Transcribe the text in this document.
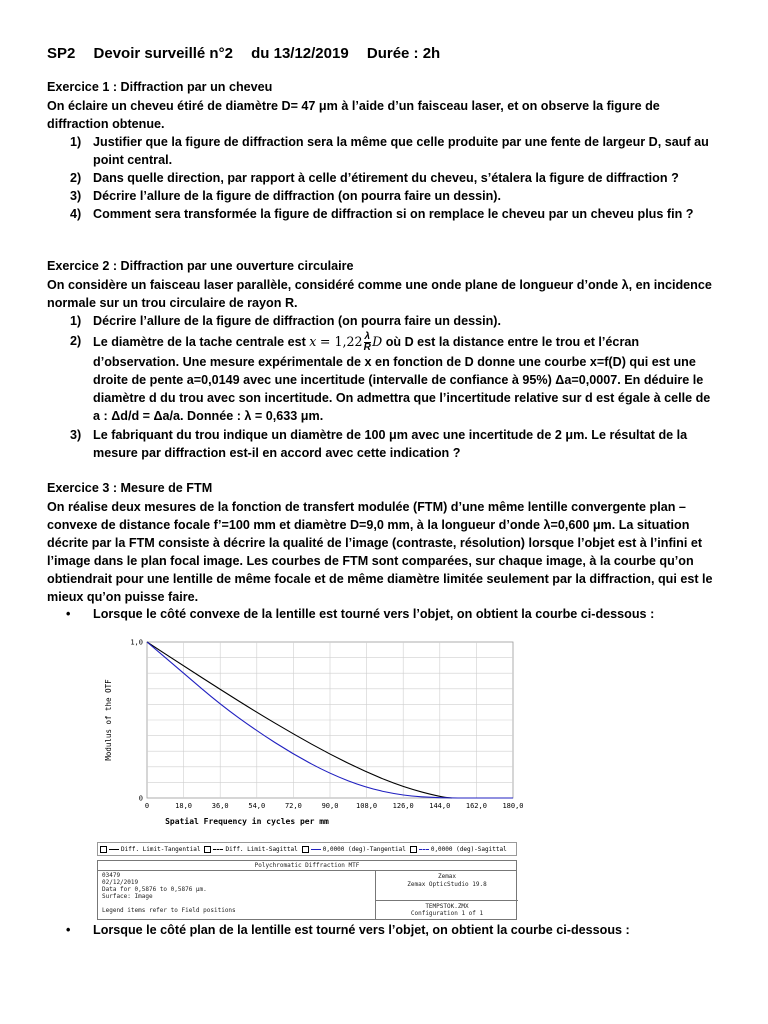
SP2 Devoir surveillé n°2 du 13/12/2019 Durée : 2h
Exercice 1 : Diffraction par un cheveu
On éclaire un cheveu étiré de diamètre D= 47 μm à l’aide d’un faisceau laser, et on observe la figure de diffraction obtenue.
1) Justifier que la figure de diffraction sera la même que celle produite par une fente de largeur D, sauf au point central.
2) Dans quelle direction, par rapport à celle d’étirement du cheveu, s’étalera la figure de diffraction ?
3) Décrire l’allure de la figure de diffraction (on pourra faire un dessin).
4) Comment sera transformée la figure de diffraction si on remplace le cheveu par un cheveu plus fin ?
Exercice 2 : Diffraction par une ouverture circulaire
On considère un faisceau laser parallèle, considéré comme une onde plane de longueur d’onde λ, en incidence normale sur un trou circulaire de rayon R.
1) Décrire l’allure de la figure de diffraction (on pourra faire un dessin).
2) Le diamètre de la tache centrale est $x = 1,22 \frac{\lambda}{R}$ D où D est la distance entre le trou et l’écran d’observation. Une mesure expérimentale de x en fonction de D donne une courbe x=f(D) qui est une droite de pente a=0,0149 avec une incertitude (intervalle de confiance à 95%) Δa=0,0007. En déduire le diamètre d du trou avec son incertitude. On admettra que l’incertitude relative sur d est égale à celle de a : Δd/d = Δa/a. Donnée : λ = 0,633 μm.
3) Le fabriquant du trou indique un diamètre de 100 μm avec une incertitude de 2 μm. Le résultat de la mesure par diffraction est-il en accord avec cette indication ?
Exercice 3 : Mesure de FTM
On réalise deux mesures de la fonction de transfert modulée (FTM) d’une même lentille convergente plan – convexe de distance focale f’=100 mm et diamètre D=9,0 mm, à la longueur d’onde λ=0,600 μm. La situation décrite par la FTM consiste à décrire la qualité de l’image (contraste, résolution) lorsque l’objet est à l’infini et l’image dans le plan focal image. Les courbes de FTM sont comparées, sur chaque image, à la courbe qu’on obtiendrait pour une lentille de même focale et de même diamètre limitée seulement par la diffraction, qui est le mieux qu’on puisse faire.
• Lorsque le côté convexe de la lentille est tourné vers l’objet, on obtient la courbe ci-dessous :
0	18,0	36,0	54,0	72,0	90,0	108,0 126,0 144,0 162,0 180,0
0
1,0
Modulus of the OTF
Spatial Frequency in cycles per mm
Diff. Limit-Tangential	Diff. Limit-Sagittal	0,0000 (deg)-Tangential	0,0000 (deg)-Sagittal
Polychromatic Diffraction MTF
03479
02/12/2019
Data for 0,5876 to 0,5876 µm.
Surface: Image
Legend items refer to Field positions
Zemax
Zemax OpticStudio 19.8
TEMPSTOK.ZMX
Configuration 1 of 1
• Lorsque le côté plan de la lentille est tourné vers l’objet, on obtient la courbe ci-dessous :
